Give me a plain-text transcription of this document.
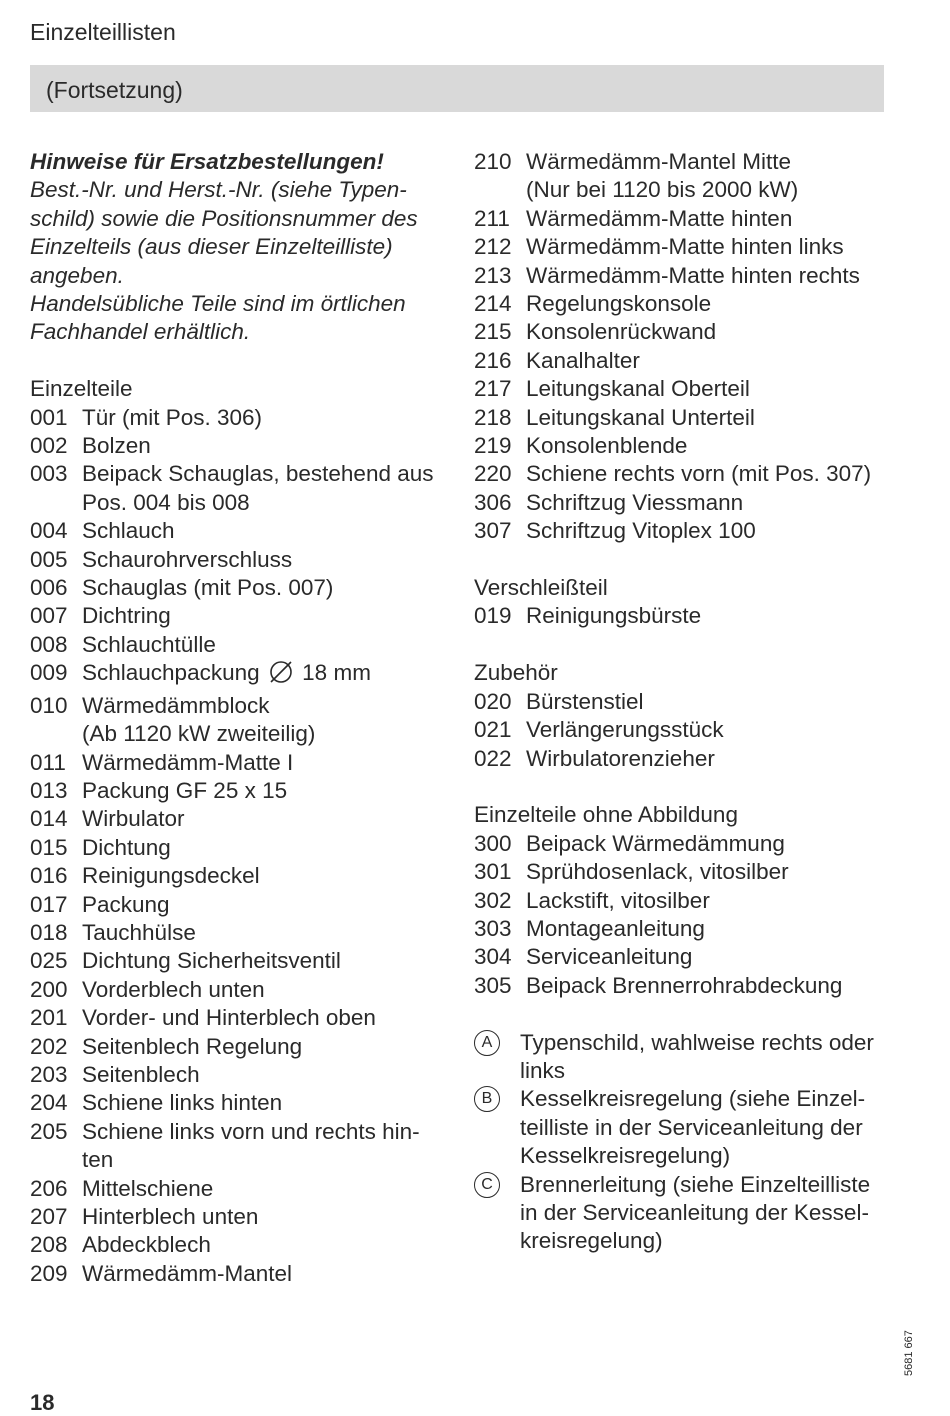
Einzelteillisten
(Fortsetzung)
Hinweise für Ersatzbestellungen!
Best.-Nr. und Herst.-Nr. (siehe Typen-
schild) sowie die Positionsnummer des
Einzelteils (aus dieser Einzelteilliste)
angeben.
Handelsübliche Teile sind im örtlichen
Fachhandel erhältlich.
Einzelteile
001 Tür (mit Pos. 306)
002 Bolzen
003 Beipack Schauglas, bestehend aus
Pos. 004 bis 008
004 Schlauch
005 Schaurohrverschluss
006 Schauglas (mit Pos. 007)
007 Dichtring
008 Schlauchtülle
009 Schlauchpackung 18 mm
010 Wärmedämmblock
(Ab 1120 kW zweiteilig)
011 Wärmedämm-Matte I
013 Packung GF 25 x 15
014 Wirbulator
015 Dichtung
016 Reinigungsdeckel
017 Packung
018 Tauchhülse
025 Dichtung Sicherheitsventil
200 Vorderblech unten
201 Vorder- und Hinterblech oben
202 Seitenblech Regelung
203 Seitenblech
204 Schiene links hinten
205 Schiene links vorn und rechts hin-
ten
206 Mittelschiene
207 Hinterblech unten
208 Abdeckblech
209 Wärmedämm-Mantel
210 Wärmedämm-Mantel Mitte
(Nur bei 1120 bis 2000 kW)
211 Wärmedämm-Matte hinten
212 Wärmedämm-Matte hinten links
213 Wärmedämm-Matte hinten rechts
214 Regelungskonsole
215 Konsolenrückwand
216 Kanalhalter
217 Leitungskanal Oberteil
218 Leitungskanal Unterteil
219 Konsolenblende
220 Schiene rechts vorn (mit Pos. 307)
306 Schriftzug Viessmann
307 Schriftzug Vitoplex 100
Verschleißteil
019 Reinigungsbürste
Zubehör
020 Bürstenstiel
021 Verlängerungsstück
022 Wirbulatorenzieher
Einzelteile ohne Abbildung
300 Beipack Wärmedämmung
301 Sprühdosenlack, vitosilber
302 Lackstift, vitosilber
303 Montageanleitung
304 Serviceanleitung
305 Beipack Brennerrohrabdeckung
A	Typenschild, wahlweise rechts oder
links
B	Kesselkreisregelung (siehe Einzel-
teilliste in der Serviceanleitung der
Kesselkreisregelung)
C	Brennerleitung (siehe Einzelteilliste
in der Serviceanleitung der Kessel-
kreisregelung)
18
5681 667
